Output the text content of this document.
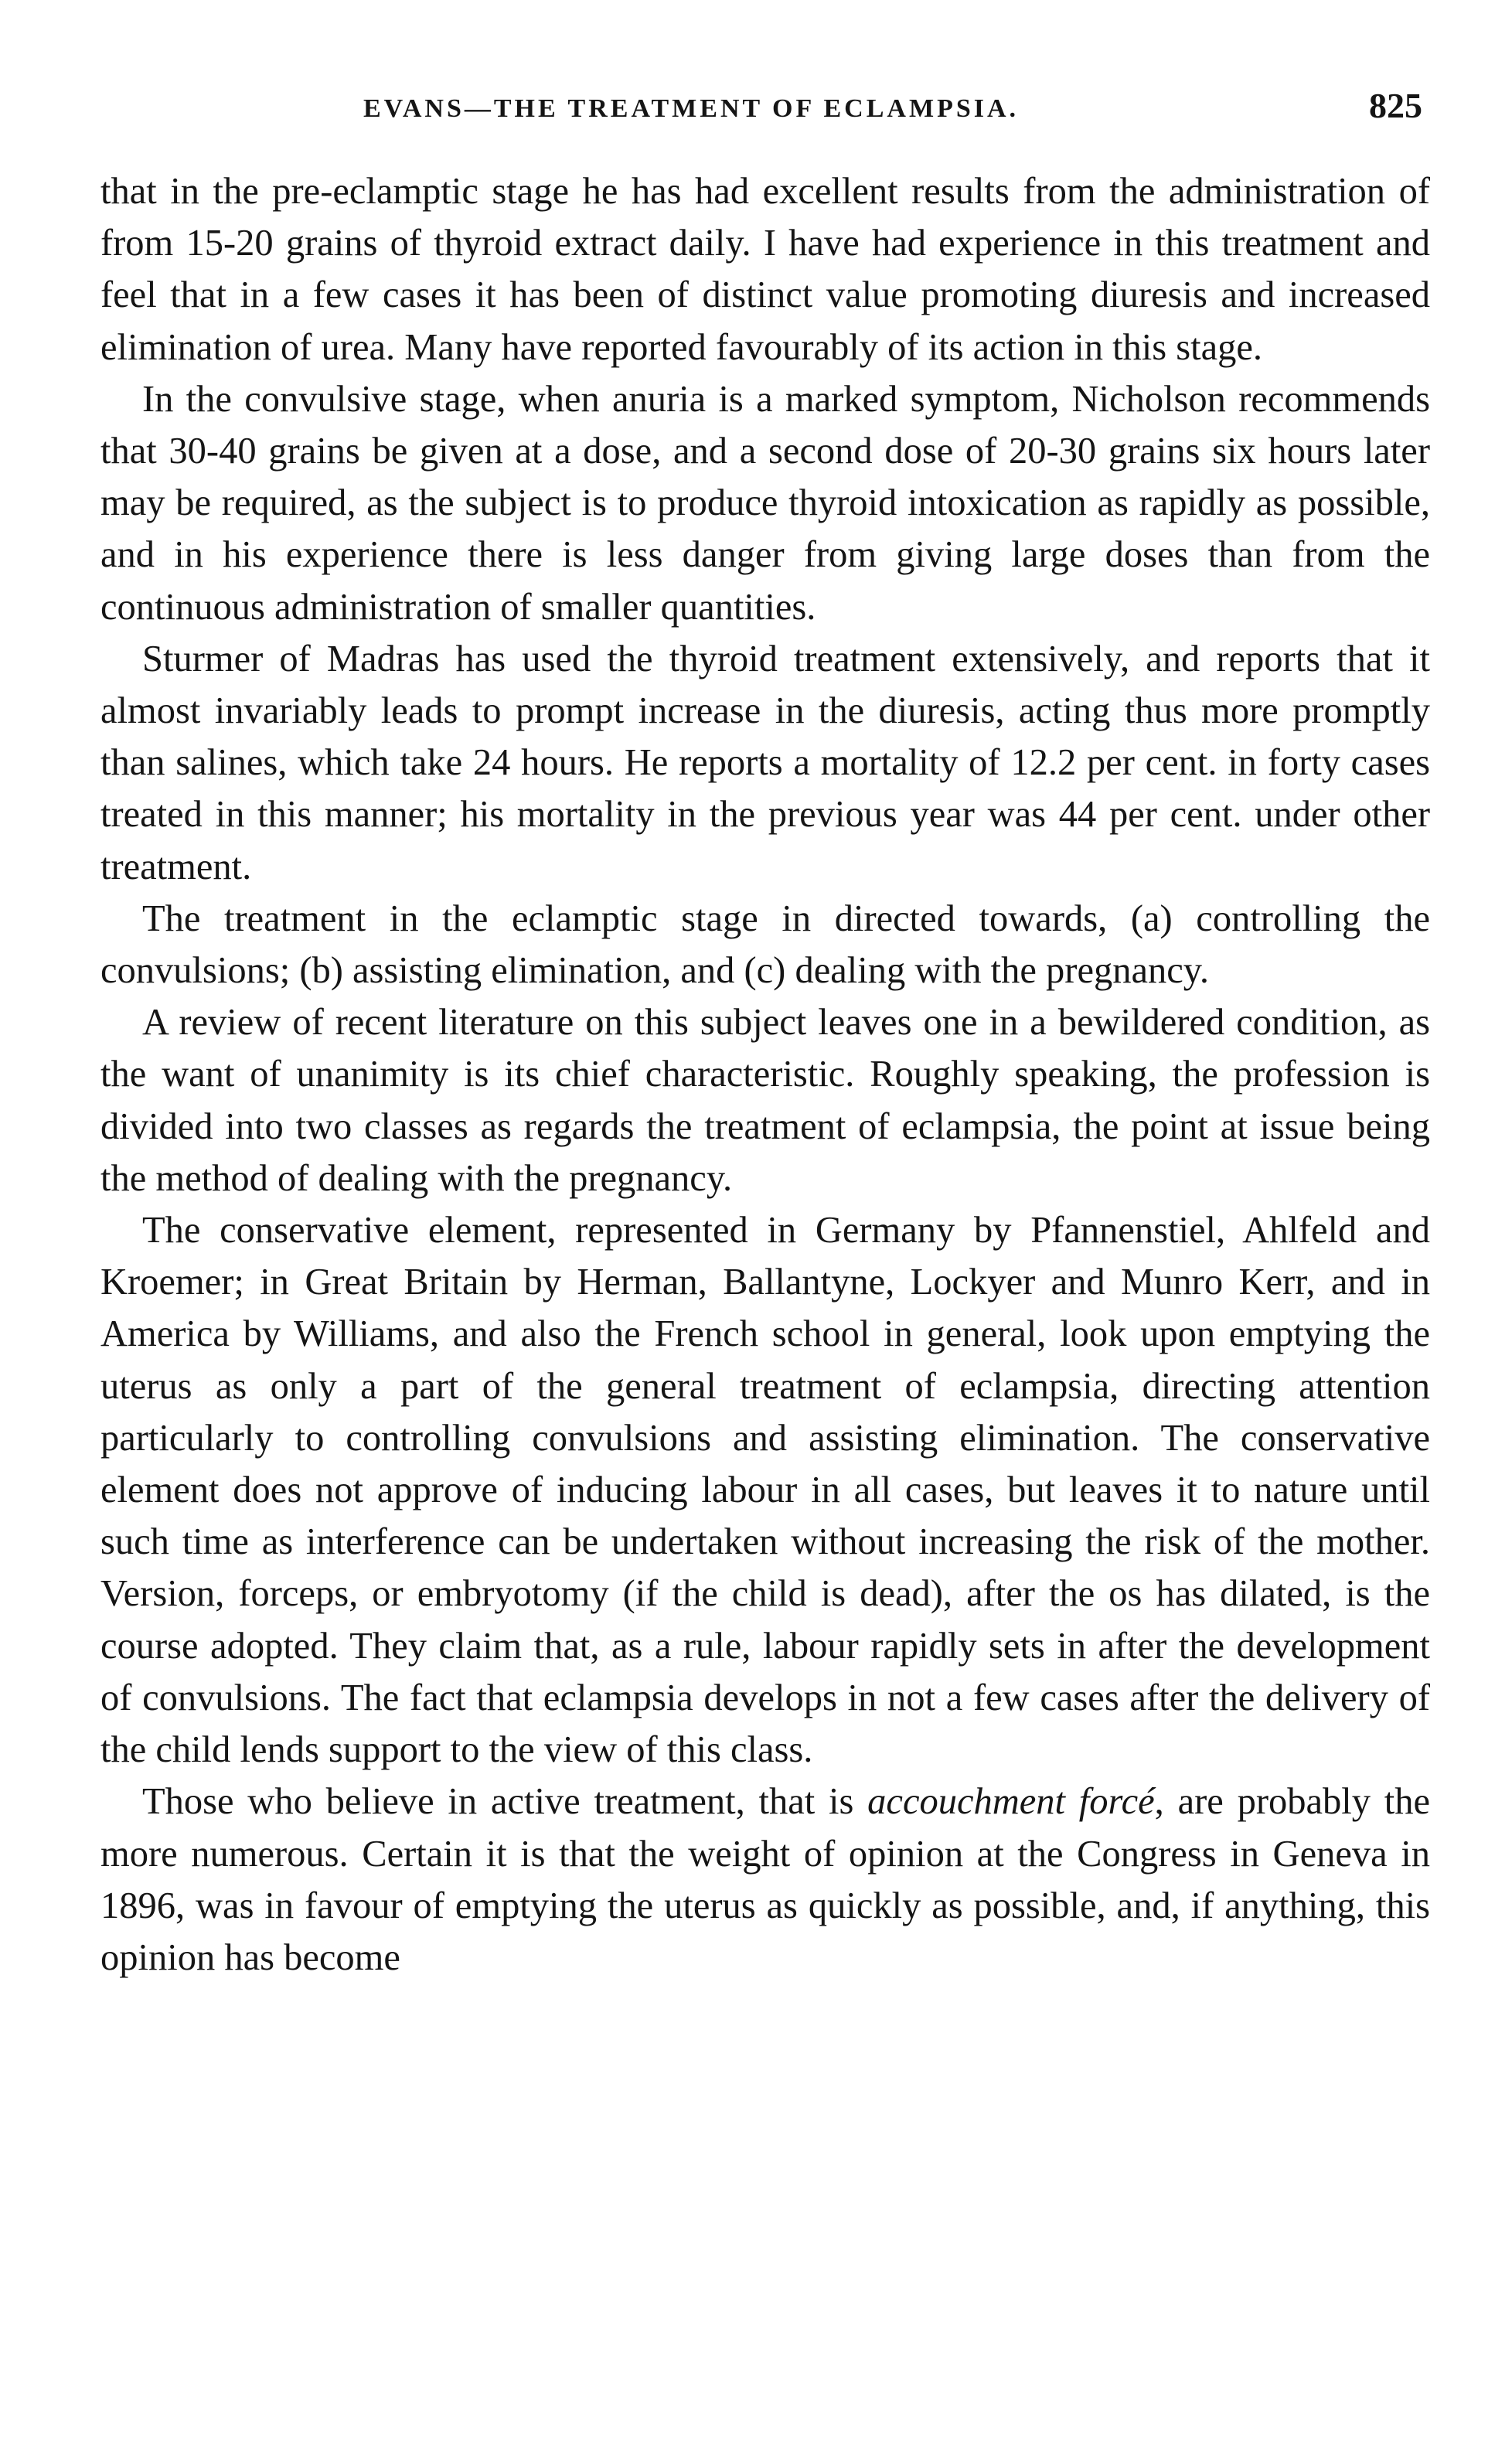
EVANS—THE TREATMENT OF ECLAMPSIA.	825

that in the pre-eclamptic stage he has had excellent results from the administration of from 15-20 grains of thyroid extract daily. I have had experience in this treatment and feel that in a few cases it has been of distinct value promoting diuresis and increased elimination of urea. Many have reported favourably of its action in this stage.

In the convulsive stage, when anuria is a marked symptom, Nicholson recommends that 30-40 grains be given at a dose, and a second dose of 20-30 grains six hours later may be required, as the subject is to produce thyroid intoxication as rapidly as possible, and in his experience there is less danger from giving large doses than from the continuous administration of smaller quantities.

Sturmer of Madras has used the thyroid treatment extensively, and reports that it almost invariably leads to prompt increase in the diuresis, acting thus more promptly than salines, which take 24 hours. He reports a mortality of 12.2 per cent. in forty cases treated in this manner; his mortality in the previous year was 44 per cent. under other treatment.

The treatment in the eclamptic stage in directed towards, (a) controlling the convulsions; (b) assisting elimination, and (c) dealing with the pregnancy.

A review of recent literature on this subject leaves one in a bewildered condition, as the want of unanimity is its chief characteristic. Roughly speaking, the profession is divided into two classes as regards the treatment of eclampsia, the point at issue being the method of dealing with the pregnancy.

The conservative element, represented in Germany by Pfannenstiel, Ahlfeld and Kroemer; in Great Britain by Herman, Ballantyne, Lockyer and Munro Kerr, and in America by Williams, and also the French school in general, look upon emptying the uterus as only a part of the general treatment of eclampsia, directing attention particularly to controlling convulsions and assisting elimination. The conservative element does not approve of inducing labour in all cases, but leaves it to nature until such time as interference can be undertaken without increasing the risk of the mother. Version, forceps, or embryotomy (if the child is dead), after the os has dilated, is the course adopted. They claim that, as a rule, labour rapidly sets in after the development of convulsions. The fact that eclampsia develops in not a few cases after the delivery of the child lends support to the view of this class.

Those who believe in active treatment, that is accouchment forcé, are probably the more numerous. Certain it is that the weight of opinion at the Congress in Geneva in 1896, was in favour of emptying the uterus as quickly as possible, and, if anything, this opinion has become
